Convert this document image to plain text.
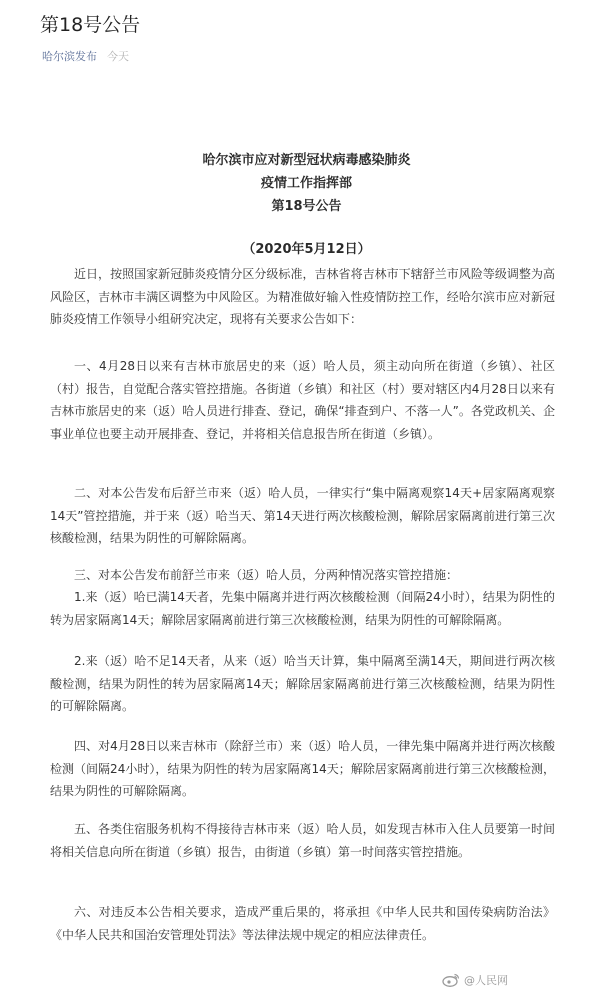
第18号公告
哈尔滨发布 今天
哈尔滨市应对新型冠状病毒感染肺炎
疫情工作指挥部
第18号公告
（2020年5月12日）

近日，按照国家新冠肺炎疫情分区分级标准，吉林省将吉林市下辖舒兰市风险等级调整为高风险区，吉林市丰满区调整为中风险区。为精准做好输入性疫情防控工作，经哈尔滨市应对新冠肺炎疫情工作领导小组研究决定，现将有关要求公告如下：

一、4月28日以来有吉林市旅居史的来（返）哈人员，须主动向所在街道（乡镇）、社区（村）报告，自觉配合落实管控措施。各街道（乡镇）和社区（村）要对辖区内4月28日以来有吉林市旅居史的来（返）哈人员进行排查、登记，确保“排查到户、不落一人”。各党政机关、企事业单位也要主动开展排查、登记，并将相关信息报告所在街道（乡镇）。

二、对本公告发布后舒兰市来（返）哈人员，一律实行“集中隔离观察14天+居家隔离观察14天”管控措施，并于来（返）哈当天、第14天进行两次核酸检测，解除居家隔离前进行第三次核酸检测，结果为阴性的可解除隔离。

三、对本公告发布前舒兰市来（返）哈人员，分两种情况落实管控措施：

1.来（返）哈已满14天者，先集中隔离并进行两次核酸检测（间隔24小时），结果为阴性的转为居家隔离14天；解除居家隔离前进行第三次核酸检测，结果为阴性的可解除隔离。

2.来（返）哈不足14天者，从来（返）哈当天计算，集中隔离至满14天，期间进行两次核酸检测，结果为阴性的转为居家隔离14天；解除居家隔离前进行第三次核酸检测，结果为阴性的可解除隔离。

四、对4月28日以来吉林市（除舒兰市）来（返）哈人员，一律先集中隔离并进行两次核酸检测（间隔24小时），结果为阴性的转为居家隔离14天；解除居家隔离前进行第三次核酸检测，结果为阴性的可解除隔离。

五、各类住宿服务机构不得接待吉林市来（返）哈人员，如发现吉林市入住人员要第一时间将相关信息向所在街道（乡镇）报告，由街道（乡镇）第一时间落实管控措施。

六、对违反本公告相关要求，造成严重后果的，将承担《中华人民共和国传染病防治法》《中华人民共和国治安管理处罚法》等法律法规中规定的相应法律责任。

@人民网
